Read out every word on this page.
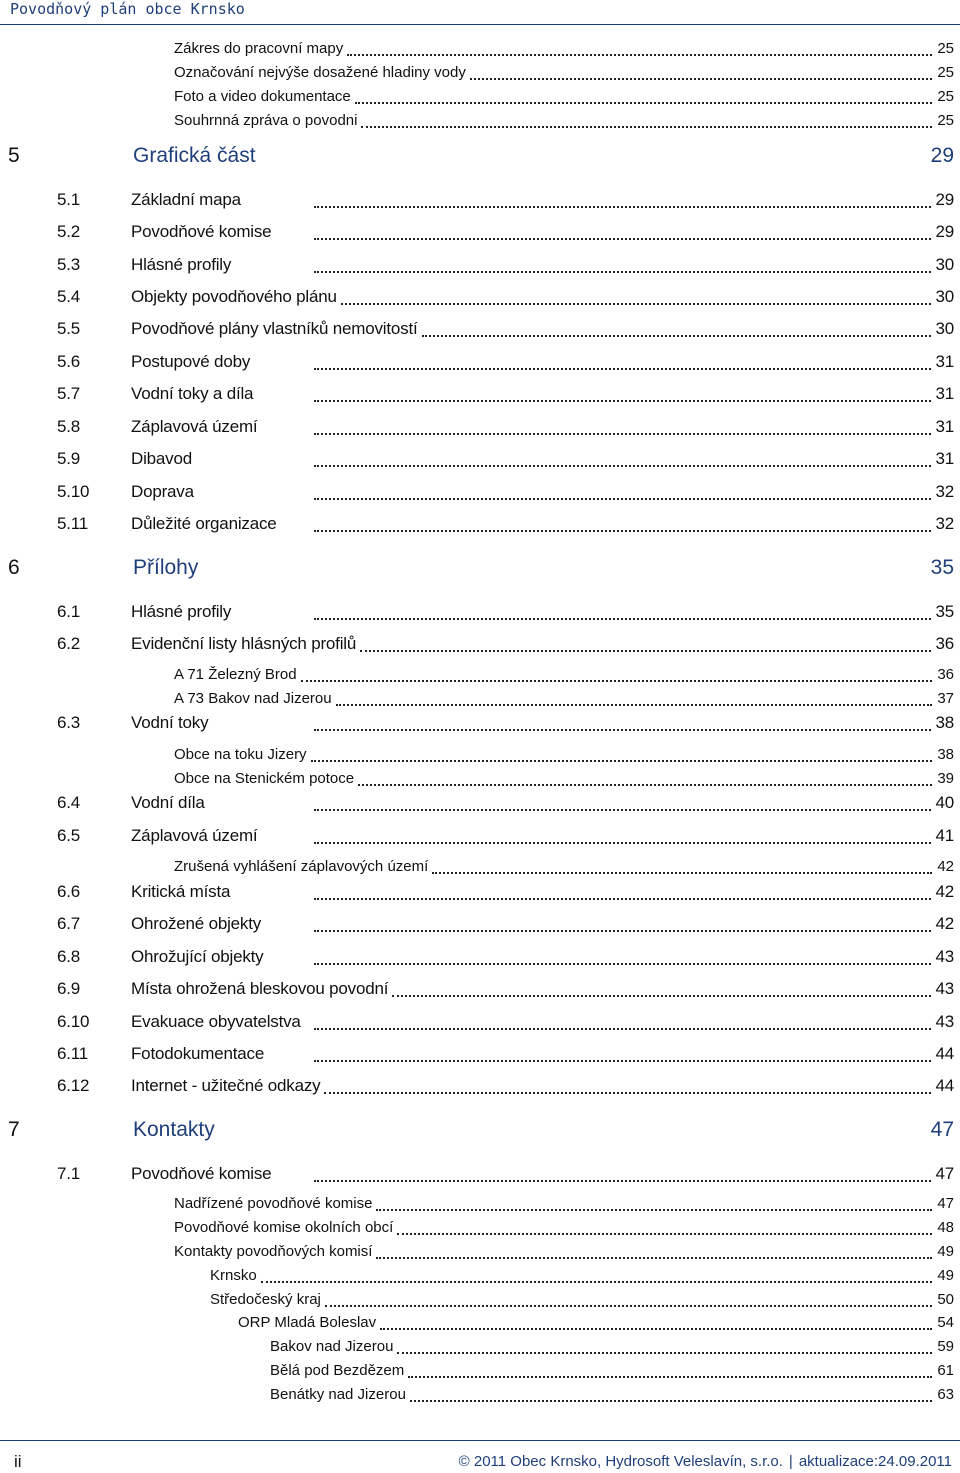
Povodňový plán obce Krnsko
Zákres do pracovní mapy	25
Označování nejvýše dosažené hladiny vody	25
Foto a video dokumentace	25
Souhrnná zpráva o povodni	25
5	Grafická část	29
5.1	Základní mapa	29
5.2	Povodňové komise	29
5.3	Hlásné profily	30
5.4	Objekty povodňového plánu	30
5.5	Povodňové plány vlastníků nemovitostí	30
5.6	Postupové doby	31
5.7	Vodní toky a díla	31
5.8	Záplavová území	31
5.9	Dibavod	31
5.10	Doprava	32
5.11	Důležité organizace	32
6	Přílohy	35
6.1	Hlásné profily	35
6.2	Evidenční listy hlásných profilů	36
A 71 Železný Brod	36
A 73 Bakov nad Jizerou	37
6.3	Vodní toky	38
Obce na toku Jizery	38
Obce na Stenickém potoce	39
6.4	Vodní díla	40
6.5	Záplavová území	41
Zrušená vyhlášení záplavových území	42
6.6	Kritická místa	42
6.7	Ohrožené objekty	42
6.8	Ohrožující objekty	43
6.9	Místa ohrožená bleskovou povodní	43
6.10	Evakuace obyvatelstva	43
6.11	Fotodokumentace	44
6.12	Internet - užitečné odkazy	44
7	Kontakty	47
7.1	Povodňové komise	47
Nadřízené povodňové komise	47
Povodňové komise okolních obcí	48
Kontakty povodňových komisí	49
Krnsko	49
Středočeský kraj	50
ORP Mladá Boleslav	54
Bakov nad Jizerou	59
Bělá pod Bezdězem	61
Benátky nad Jizerou	63
ii	© 2011 Obec Krnsko, Hydrosoft Veleslavín, s.r.o. | aktualizace:24.09.2011
